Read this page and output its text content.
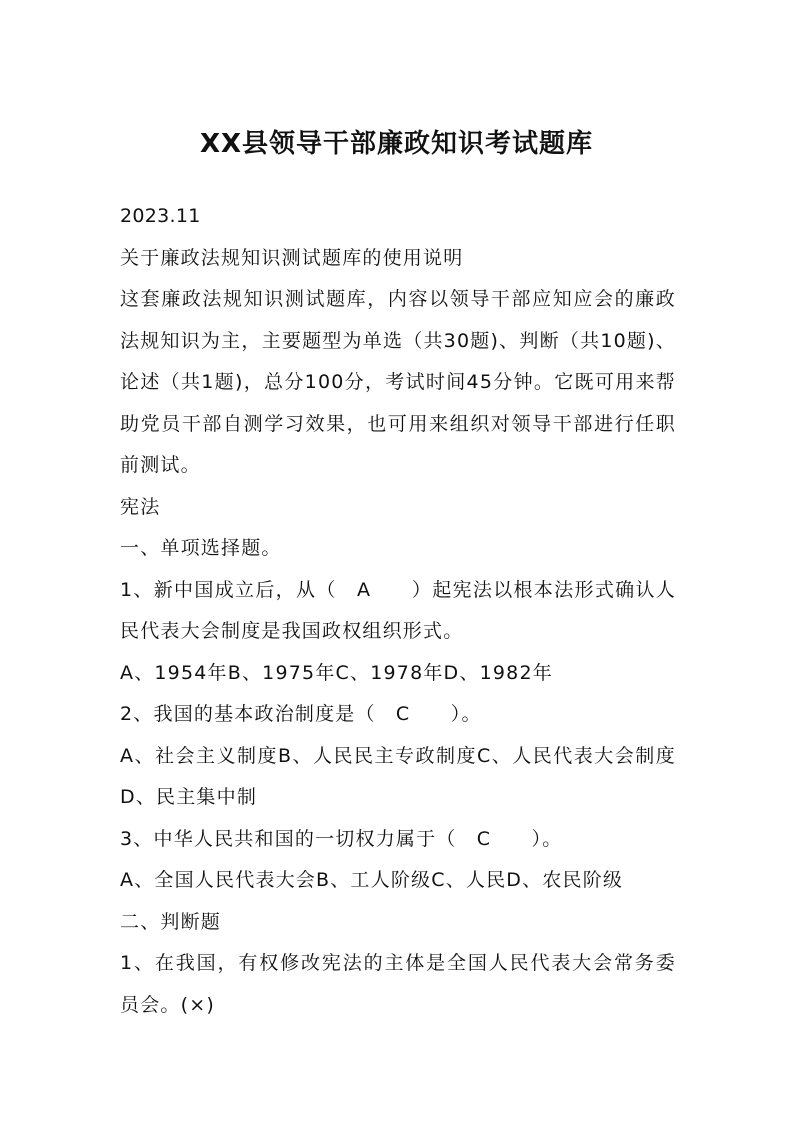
XX县领导干部廉政知识考试题库

2023.11

关于廉政法规知识测试题库的使用说明

这套廉政法规知识测试题库，内容以领导干部应知应会的廉政法规知识为主，主要题型为单选（共30题)、判断（共10题)、论述（共1题)，总分100分，考试时间45分钟。它既可用来帮助党员干部自测学习效果，也可用来组织对领导干部进行任职前测试。

宪法

一、单项选择题。

1、新中国成立后，从（　A　　）起宪法以根本法形式确认人民代表大会制度是我国政权组织形式。

A、1954年B、1975年C、1978年D、1982年

2、我国的基本政治制度是（　C　　）。

A、社会主义制度B、人民民主专政制度C、人民代表大会制度D、民主集中制

3、中华人民共和国的一切权力属于（　C　　）。

A、全国人民代表大会B、工人阶级C、人民D、农民阶级

二、判断题

1、在我国，有权修改宪法的主体是全国人民代表大会常务委员会。(×)
